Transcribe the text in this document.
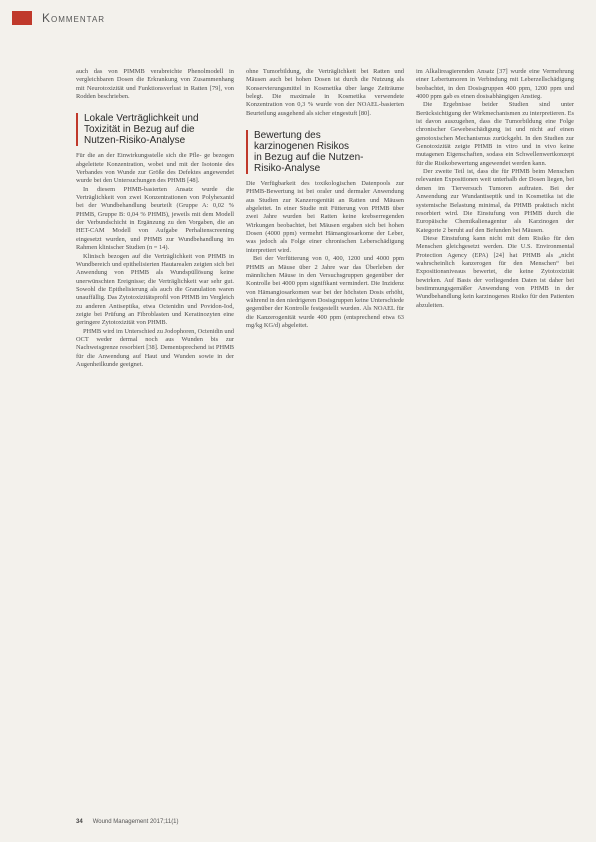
Kommentar

auch das von PIMMB verabreichte Phenolmodell in vergleichbaren Dosen die Erkrankung von Zusammenhang mit Neurotoxizität und Funktionsverlust in Ratten [79], von Rodden beschrieben.

Lokale Verträglichkeit und
Toxizität in Bezug auf die
Nutzen-Risiko-Analyse

Für die an der Einwirkungsstelle sich die Pfle- ge bezogen abgeleitete Konzentration, wobei und mit der Isotonie des Verbandes von Wunde zur Größe des Defektes angewendet wurde bei den Untersuchungen des PHMB [48].

In diesem PHMB-basierten Ansatz wurde die Verträglichkeit von zwei Konzentrationen von Polyhexanid bei der Wundbehandlung beurteilt (Gruppe A: 0,02 % PHMB, Gruppe B: 0,04 % PHMB), jeweils mit dem Modell der Verbundschicht in Ergänzung zu den Vorgaben, die an HET-CAM Modell von Aufgabe Perhaltenscreening eingesetzt wurden, und PHMB zur Wundbehandlung im Rahmen klinischer Studien (n = 14).

Klinisch bezogen auf die Verträglichkeit von PHMB in Wundbereich und epithelisierten Hautarealen zeigten sich bei Anwendung von PHMB als Wundspüllösung keine unerwünschten Ereignisse; die Verträglichkeit war sehr gut. Sowohl die Epithelisierung als auch die Granulation waren unauffällig. Das Zytotoxizitätsprofil von PHMB im Vergleich zu anderen Antiseptika, etwa Octenidin und Povidon-Iod, zeigte bei Prüfung an Fibroblasten und Keratinozyten eine geringere Zytotoxizität von PHMB.

PHMB wird im Unterschied zu Jodophoren, Octenidin und OCT weder dermal noch aus Wunden bis zur Nachweisgrenze resorbiert [38]. Dementsprechend ist PHMB für die Anwendung auf Haut und Wunden sowie in der Augenheilkunde geeignet.

ohne Tumorbildung, die Verträglichkeit bei Ratten und Mäusen auch bei hohen Dosen ist durch die Nutzung als Konservierungsmittel in Kosmetika über lange Zeiträume belegt. Die maximale in Kosmetika verwendete Konzentration von 0,3 % wurde von der NOAEL-basierten Beurteilung ausgehend als sicher eingestuft [80].

Bewertung des
karzinogenen Risikos
in Bezug auf die Nutzen-
Risiko-Analyse

Die Verfügbarkeit des toxikologischen Datenpools zur PHMB-Bewertung ist bei oraler und dermaler Anwendung aus Studien zur Kanzerogenität an Ratten und Mäusen abgeleitet. In einer Studie mit Fütterung von PHMB über zwei Jahre wurden bei Ratten keine krebserregenden Wirkungen beobachtet, bei Mäusen ergaben sich bei hohen Dosen (4000 ppm) vermehrt Hämangiosarkome der Leber, was jedoch als Folge einer chronischen Leberschädigung interpretiert wird.

Bei der Verfütterung von 0, 400, 1200 und 4000 ppm PHMB an Mäuse über 2 Jahre war das Überleben der männlichen Mäuse in den Versuchsgruppen gegenüber der Kontrolle bei 4000 ppm signifikant vermindert. Die Inzidenz von Hämangiosarkomen war bei der höchsten Dosis erhöht, während in den niedrigeren Dosisgruppen keine Unterschiede gegenüber der Kontrolle festgestellt wurden. Als NOAEL für die Kanzerogenität wurde 400 ppm (entsprechend etwa 63 mg/kg KG/d) abgeleitet.

im Alkalireagierenden Ansatz [37] wurde eine Vermehrung einer Lebertumoren in Verbindung mit Leberzellschädigung beobachtet, in den Dosisgruppen 400 ppm, 1200 ppm und 4000 ppm gab es einen dosisabhängigen Anstieg.

Die Ergebnisse beider Studien sind unter Berücksichtigung der Wirkmechanismen zu interpretieren. Es ist davon auszugehen, dass die Tumorbildung eine Folge chronischer Gewebeschädigung ist und nicht auf einen genotoxischen Mechanismus zurückgeht. In den Studien zur Genotoxizität zeigte PHMB in vitro und in vivo keine mutagenen Eigenschaften, sodass ein Schwellenwertkonzept für die Risikobewertung angewendet werden kann.

Der zweite Teil ist, dass die für PHMB beim Menschen relevanten Expositionen weit unterhalb der Dosen liegen, bei denen im Tierversuch Tumoren auftraten. Bei der Anwendung zur Wundantiseptik und in Kosmetika ist die systemische Belastung minimal, da PHMB praktisch nicht resorbiert wird. Die Einstufung von PHMB durch die Europäische Chemikalienagentur als Karzinogen der Kategorie 2 beruht auf den Befunden bei Mäusen.

Diese Einstufung kann nicht mit dem Risiko für den Menschen gleichgesetzt werden. Die U.S. Environmental Protection Agency (EPA) [24] hat PHMB als „nicht wahrscheinlich kanzerogen für den Menschen“ bei Expositionsniveaus bewertet, die keine Zytotoxizität bewirken. Auf Basis der vorliegenden Daten ist daher bei bestimmungsgemäßer Anwendung von PHMB in der Wundbehandlung kein karzinogenes Risiko für den Patienten abzuleiten.

34 Wound Management 2017;11(1)
